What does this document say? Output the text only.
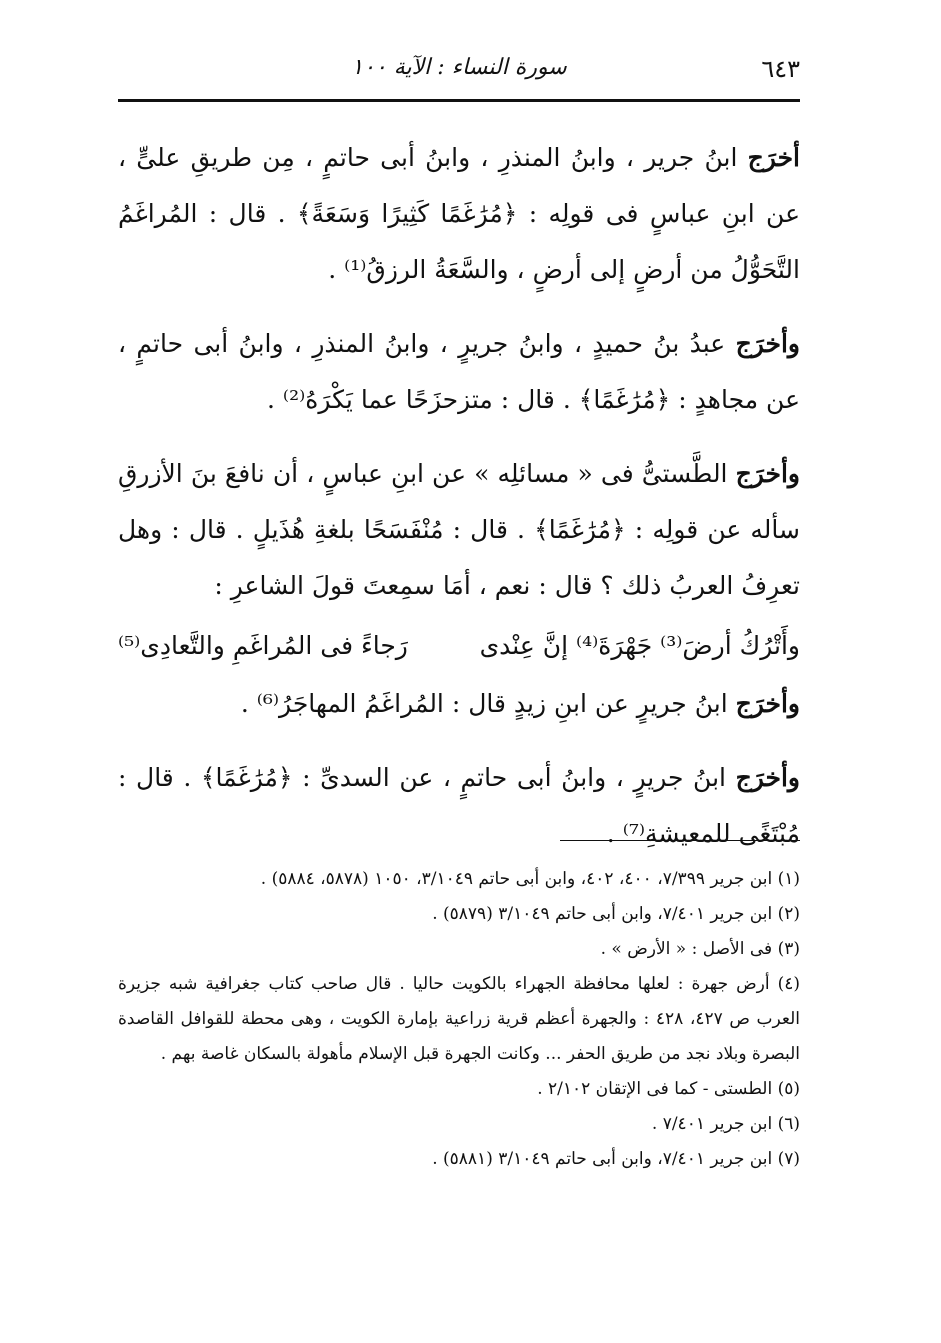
٦٤٣
سورة النساء : الآية ١٠٠

أخرَج ابنُ جرير ، وابنُ المنذرِ ، وابنُ أبى حاتمٍ ، مِن طريقِ علىٍّ ، عن ابنِ عباسٍ فى قولِه : ﴿مُرَٰغَمًا كَثِيرًا وَسَعَةً﴾ . قال : المُراغَمُ التَّحَوُّلُ من أرضٍ إلى أرضٍ ، والسَّعَةُ الرزقُ⁽¹⁾ .

وأخرَج عبدُ بنُ حميدٍ ، وابنُ جريرٍ ، وابنُ المنذرِ ، وابنُ أبى حاتمٍ ، عن مجاهدٍ : ﴿مُرَٰغَمًا﴾ . قال : متزحزَحًا عما يَكْرَهُ⁽²⁾ .

وأخرَج الطَّستىُّ فى « مسائلِه » عن ابنِ عباسٍ ، أن نافعَ بنَ الأزرقِ سأله عن قولِه : ﴿مُرَٰغَمًا﴾ . قال : مُنْفَسَحًا بلغةِ هُذَيلٍ . قال : وهل تعرِفُ العربُ ذلك ؟ قال : نعم ، أمَا سمِعتَ قولَ الشاعرِ :

وأَتْرُكُ أرضَ⁽³⁾ جَهْرَةَ⁽⁴⁾ إنَّ عِنْدى
رَجاءً فى المُراغَمِ والتَّعادِى⁽⁵⁾

وأخرَج ابنُ جريرٍ عن ابنِ زيدٍ قال : المُراغَمُ المهاجَرُ⁽⁶⁾ .

وأخرَج ابنُ جريرٍ ، وابنُ أبى حاتمٍ ، عن السدىِّ : ﴿مُرَٰغَمًا﴾ . قال : مُبْتَغًى للمعيشةِ⁽⁷⁾ .

(١) ابن جرير ٧/٣٩٩، ٤٠٠، ٤٠٢، وابن أبى حاتم ٣/١٠٤٩، ١٠٥٠ (٥٨٧٨، ٥٨٨٤) .

(٢) ابن جرير ٧/٤٠١، وابن أبى حاتم ٣/١٠٤٩ (٥٨٧٩) .

(٣) فى الأصل : « الأرض » .

(٤) أرض جهرة : لعلها محافظة الجهراء بالكويت حاليا . قال صاحب كتاب جغرافية شبه جزيرة العرب ص ٤٢٧، ٤٢٨ : والجهرة أعظم قرية زراعية بإمارة الكويت ، وهى محطة للقوافل القاصدة البصرة وبلاد نجد من طريق الحفر ... وكانت الجهرة قبل الإسلام مأهولة بالسكان غاصة بهم .

(٥) الطستى - كما فى الإتقان ٢/١٠٢ .

(٦) ابن جرير ٧/٤٠١ .

(٧) ابن جرير ٧/٤٠١، وابن أبى حاتم ٣/١٠٤٩ (٥٨٨١) .
